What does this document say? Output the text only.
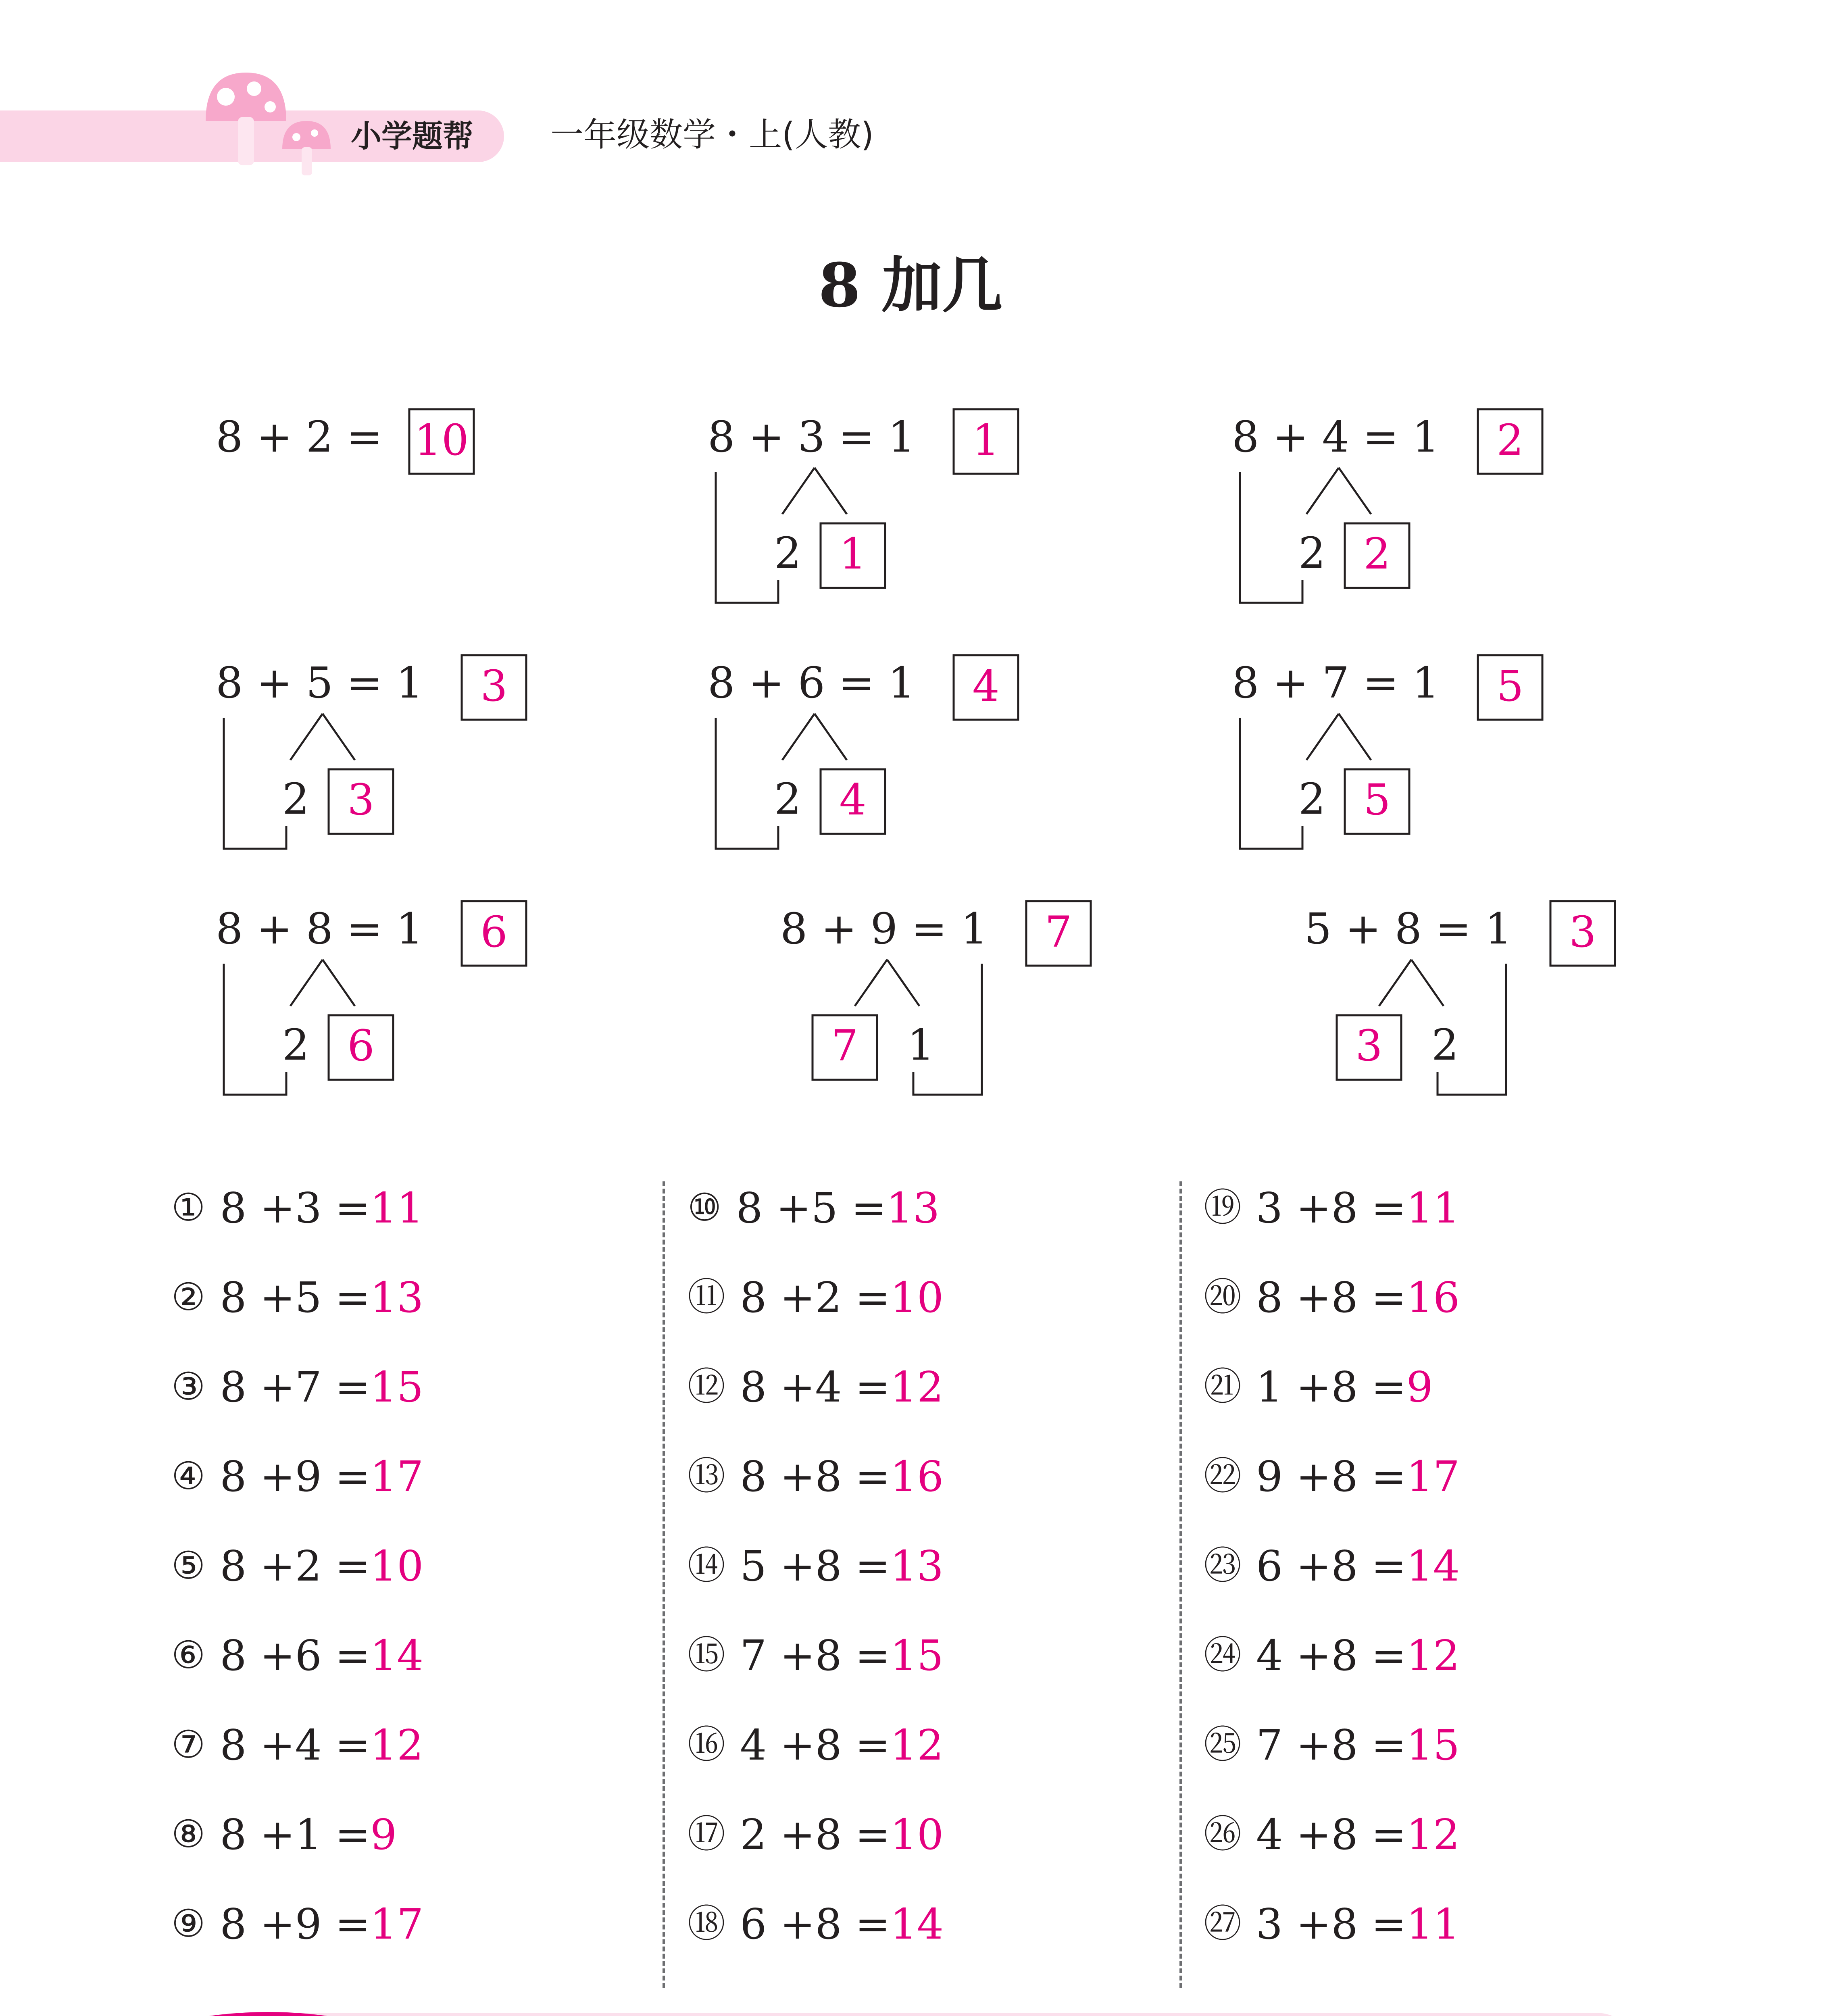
小学题帮 一年级数学・上(人教)
8 加几
8 + 2 = 10	8 + 3 = 1 1
2 1
8 + 4 = 1 2
2 2
8 + 5 = 1 3
2 3
8 + 6 = 1 4
2 4
8 + 7 = 1 5
2 5
8 + 8 = 1 6
2 6
8 + 9 = 1 7
7 1
5 + 8 = 1 3
3 2
① 8 +3 = 11
② 8 +5 = 13
③ 8 +7 = 15
④ 8 +9 = 17
⑤ 8 +2 = 10
⑥ 8 +6 = 14
⑦ 8 +4 = 12
⑧ 8 +1 = 9
⑨ 8 +9 = 17
⑩ 8 +5 = 13
⑪ 8 +2 = 10
⑫ 8 +4 = 12
⑬ 8 +8 = 16
⑭ 5 +8 = 13
⑮ 7 +8 = 15
⑯ 4 +8 = 12
⑰ 2 +8 = 10
⑱ 6 +8 = 14
⑲ 3 +8 = 11
⑳ 8 +8 = 16
㉑ 1 +8 = 9
㉒ 9 +8 = 17
㉓ 6 +8 = 14
㉔ 4 +8 = 12
㉕ 7 +8 = 15
㉖ 4 +8 = 12
㉗ 3 +8 = 11
